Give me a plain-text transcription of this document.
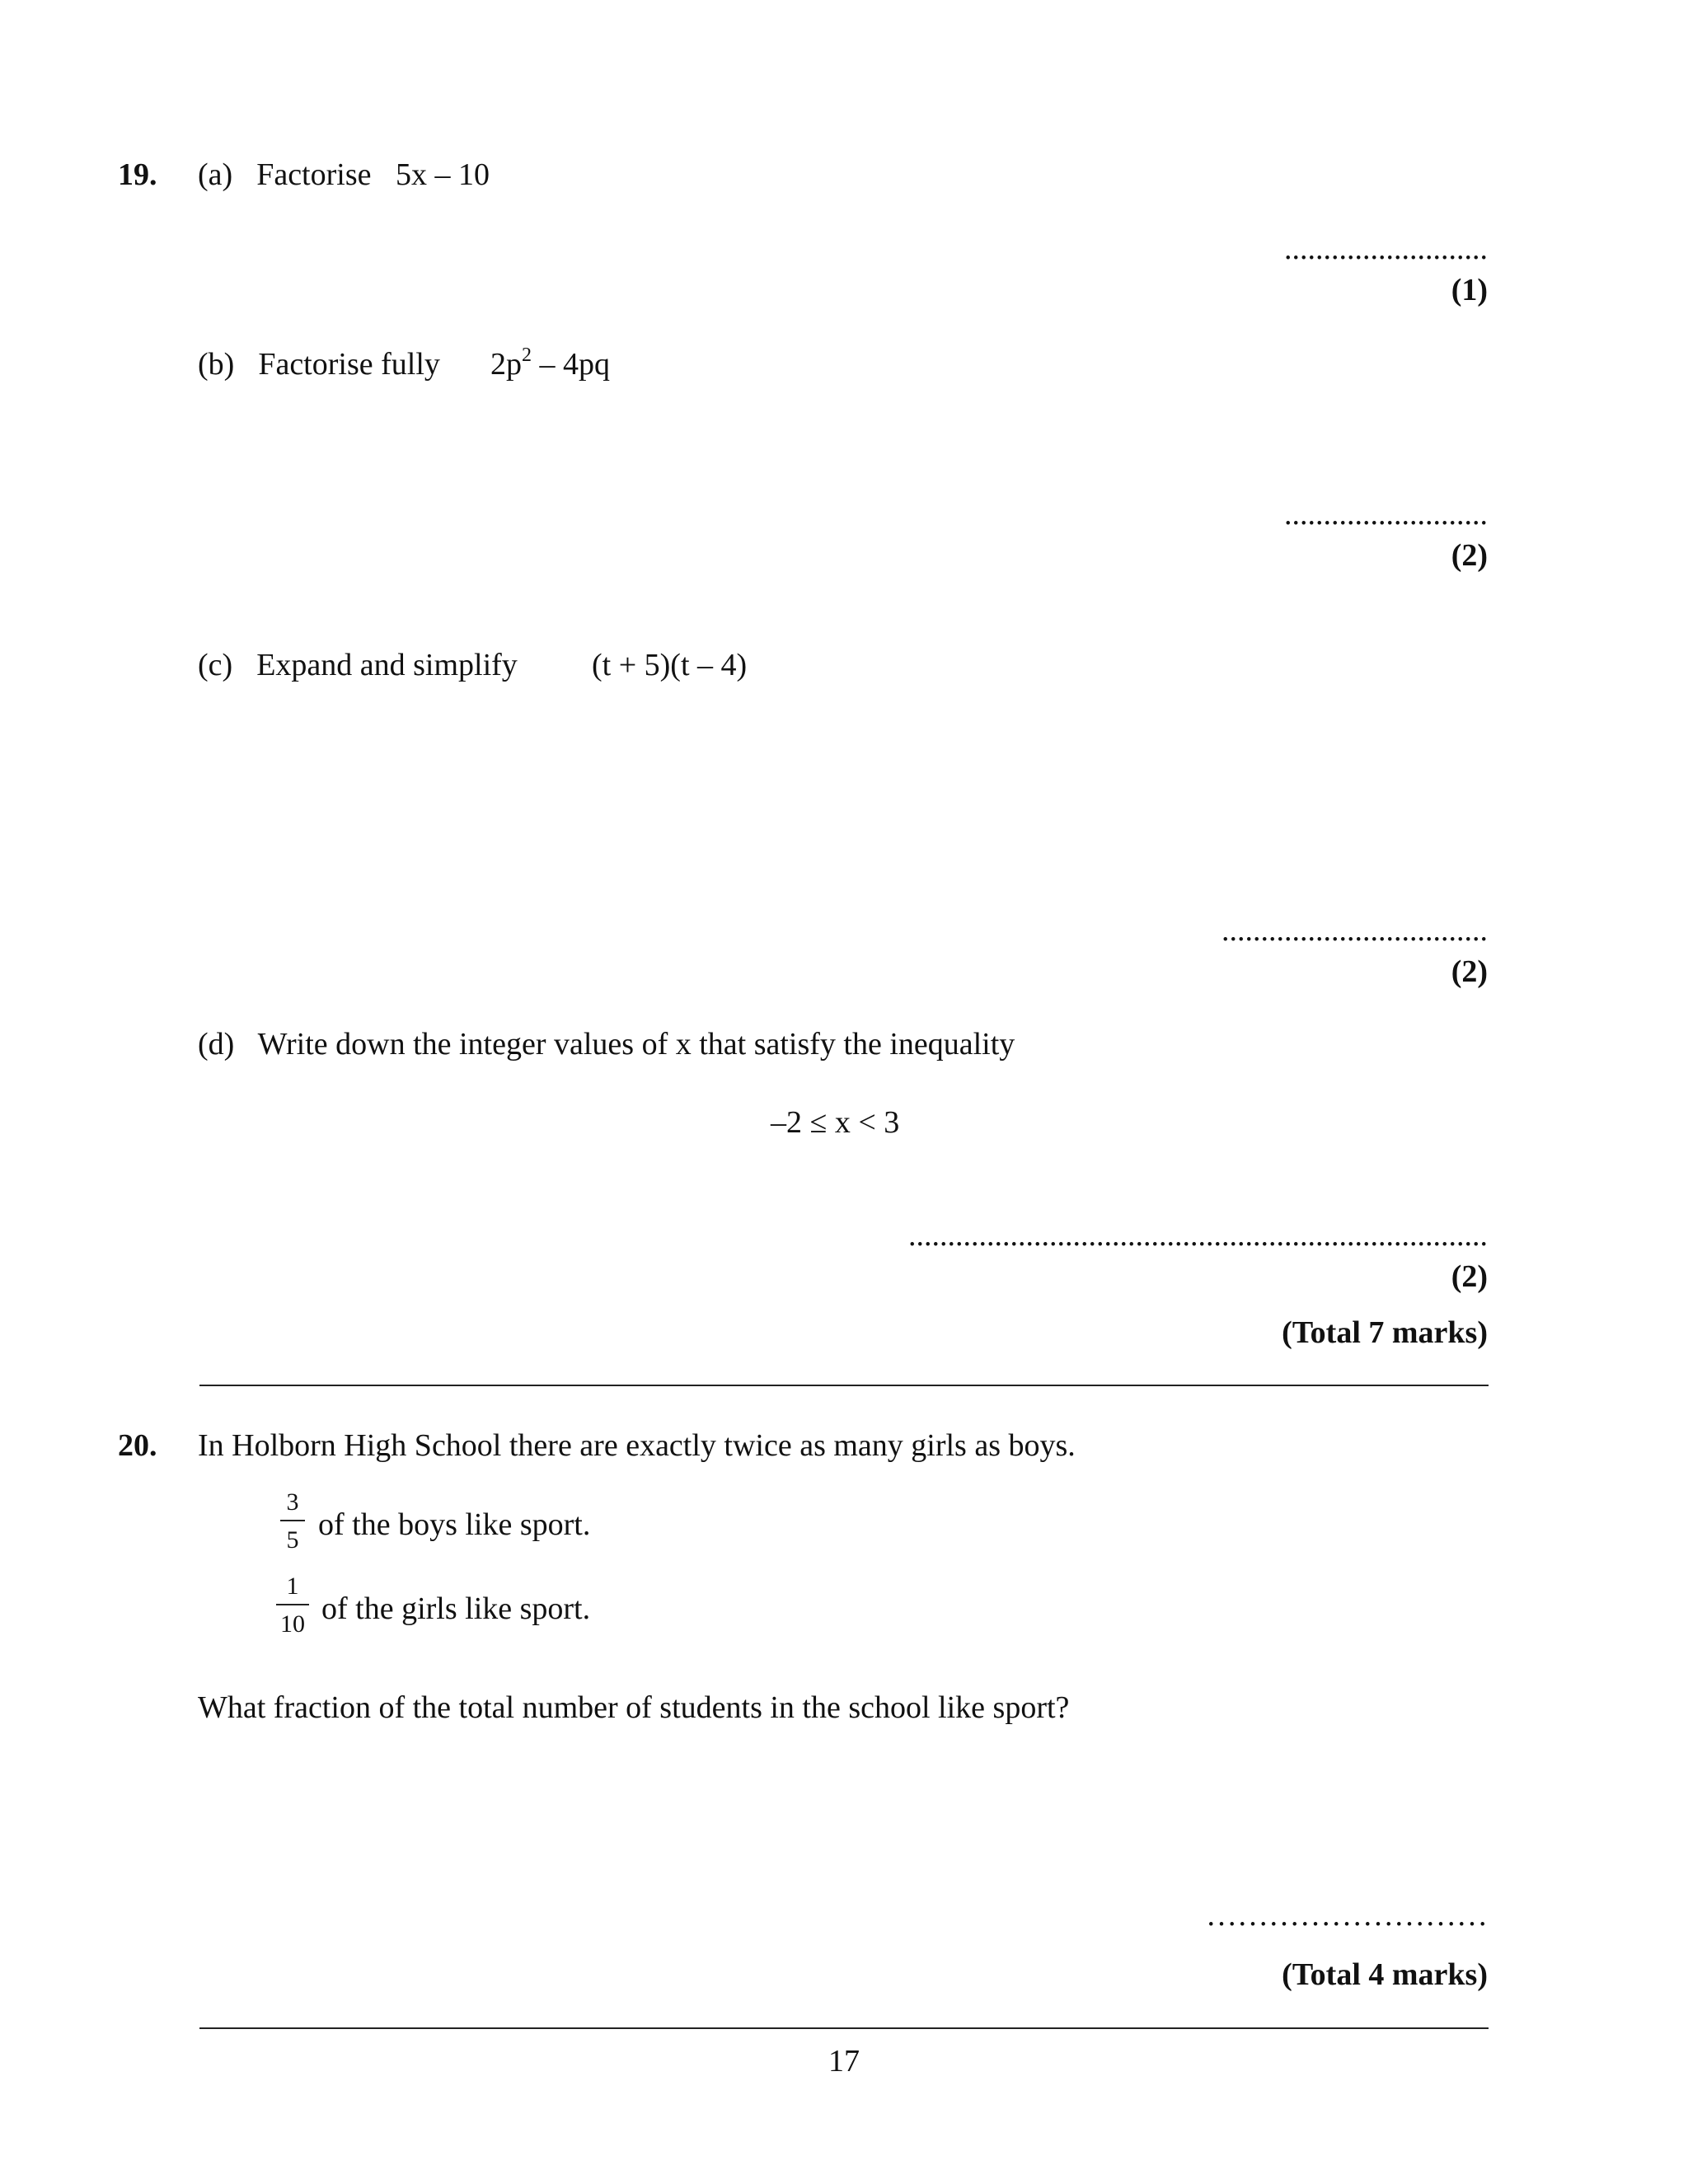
19. (a) Factorise 5x – 10
..........................
(1)
(b) Factorise fully $2p^2 - 4pq$
..........................
(2)
(c) Expand and simplify (t + 5)(t – 4)
..................................
(2)
(d) Write down the integer values of x that satisfy the inequality
–2 ≤ x < 3
..........................................................................
(2)
(Total 7 marks)
20. In Holborn High School there are exactly twice as many girls as boys.
3
5 of the boys like sport.
1
10 of the girls like sport.
What fraction of the total number of students in the school like sport?
………………………
(Total 4 marks)
17
